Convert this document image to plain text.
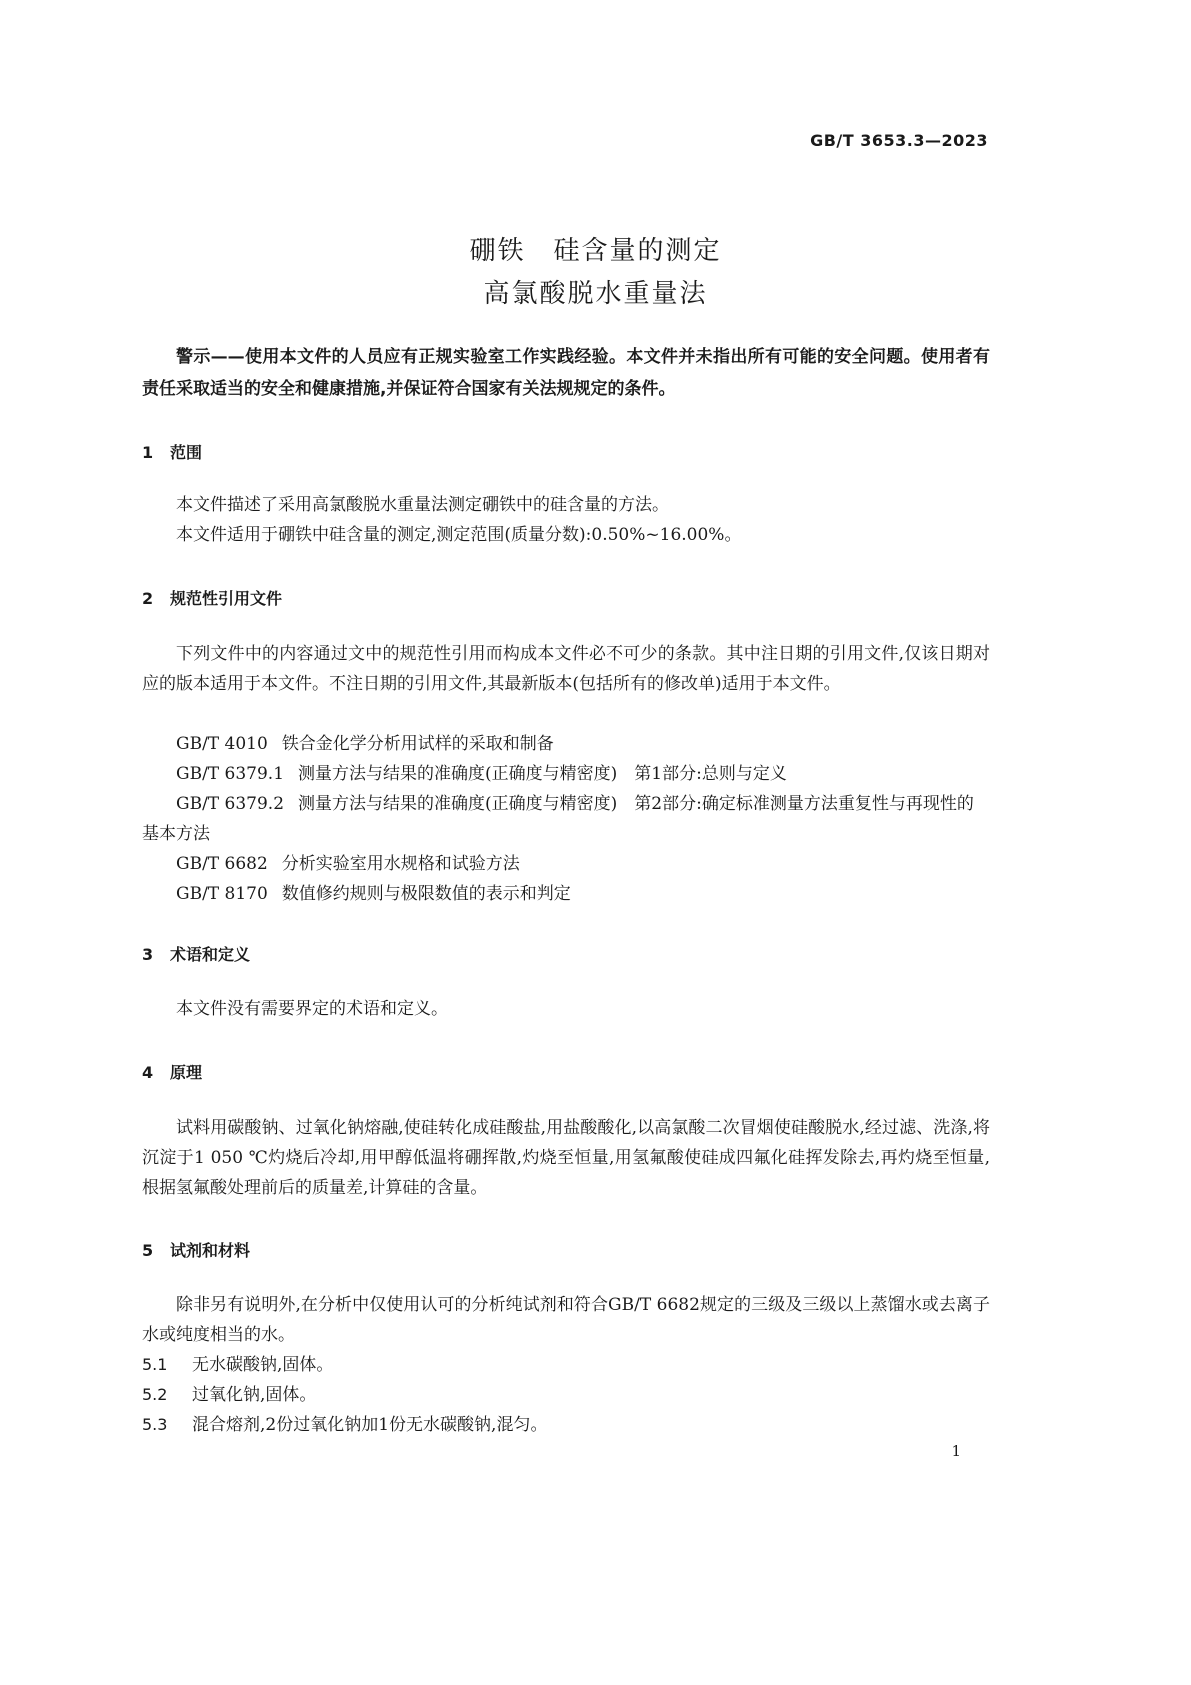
GB/T 3653.3—2023
硼铁　硅含量的测定
高氯酸脱水重量法
警示——使用本文件的人员应有正规实验室工作实践经验。本文件并未指出所有可能的安全问题。使用者有责任采取适当的安全和健康措施,并保证符合国家有关法规规定的条件。
1 范围
本文件描述了采用高氯酸脱水重量法测定硼铁中的硅含量的方法。
本文件适用于硼铁中硅含量的测定,测定范围(质量分数):0.50%~16.00%。
2 规范性引用文件
下列文件中的内容通过文中的规范性引用而构成本文件必不可少的条款。其中注日期的引用文件,仅该日期对应的版本适用于本文件。不注日期的引用文件,其最新版本(包括所有的修改单)适用于本文件。
GB/T 4010 铁合金化学分析用试样的采取和制备
GB/T 6379.1 测量方法与结果的准确度(正确度与精密度)　第1部分:总则与定义
GB/T 6379.2 测量方法与结果的准确度(正确度与精密度)　第2部分:确定标准测量方法重复性与再现性的基本方法
GB/T 6682 分析实验室用水规格和试验方法
GB/T 8170 数值修约规则与极限数值的表示和判定
3 术语和定义
本文件没有需要界定的术语和定义。
4 原理
试料用碳酸钠、过氧化钠熔融,使硅转化成硅酸盐,用盐酸酸化,以高氯酸二次冒烟使硅酸脱水,经过滤、洗涤,将沉淀于1 050 ℃灼烧后冷却,用甲醇低温将硼挥散,灼烧至恒量,用氢氟酸使硅成四氟化硅挥发除去,再灼烧至恒量,根据氢氟酸处理前后的质量差,计算硅的含量。
5 试剂和材料
除非另有说明外,在分析中仅使用认可的分析纯试剂和符合GB/T 6682规定的三级及三级以上蒸馏水或去离子水或纯度相当的水。
5.1 无水碳酸钠,固体。
5.2 过氧化钠,固体。
5.3 混合熔剂,2份过氧化钠加1份无水碳酸钠,混匀。
1
